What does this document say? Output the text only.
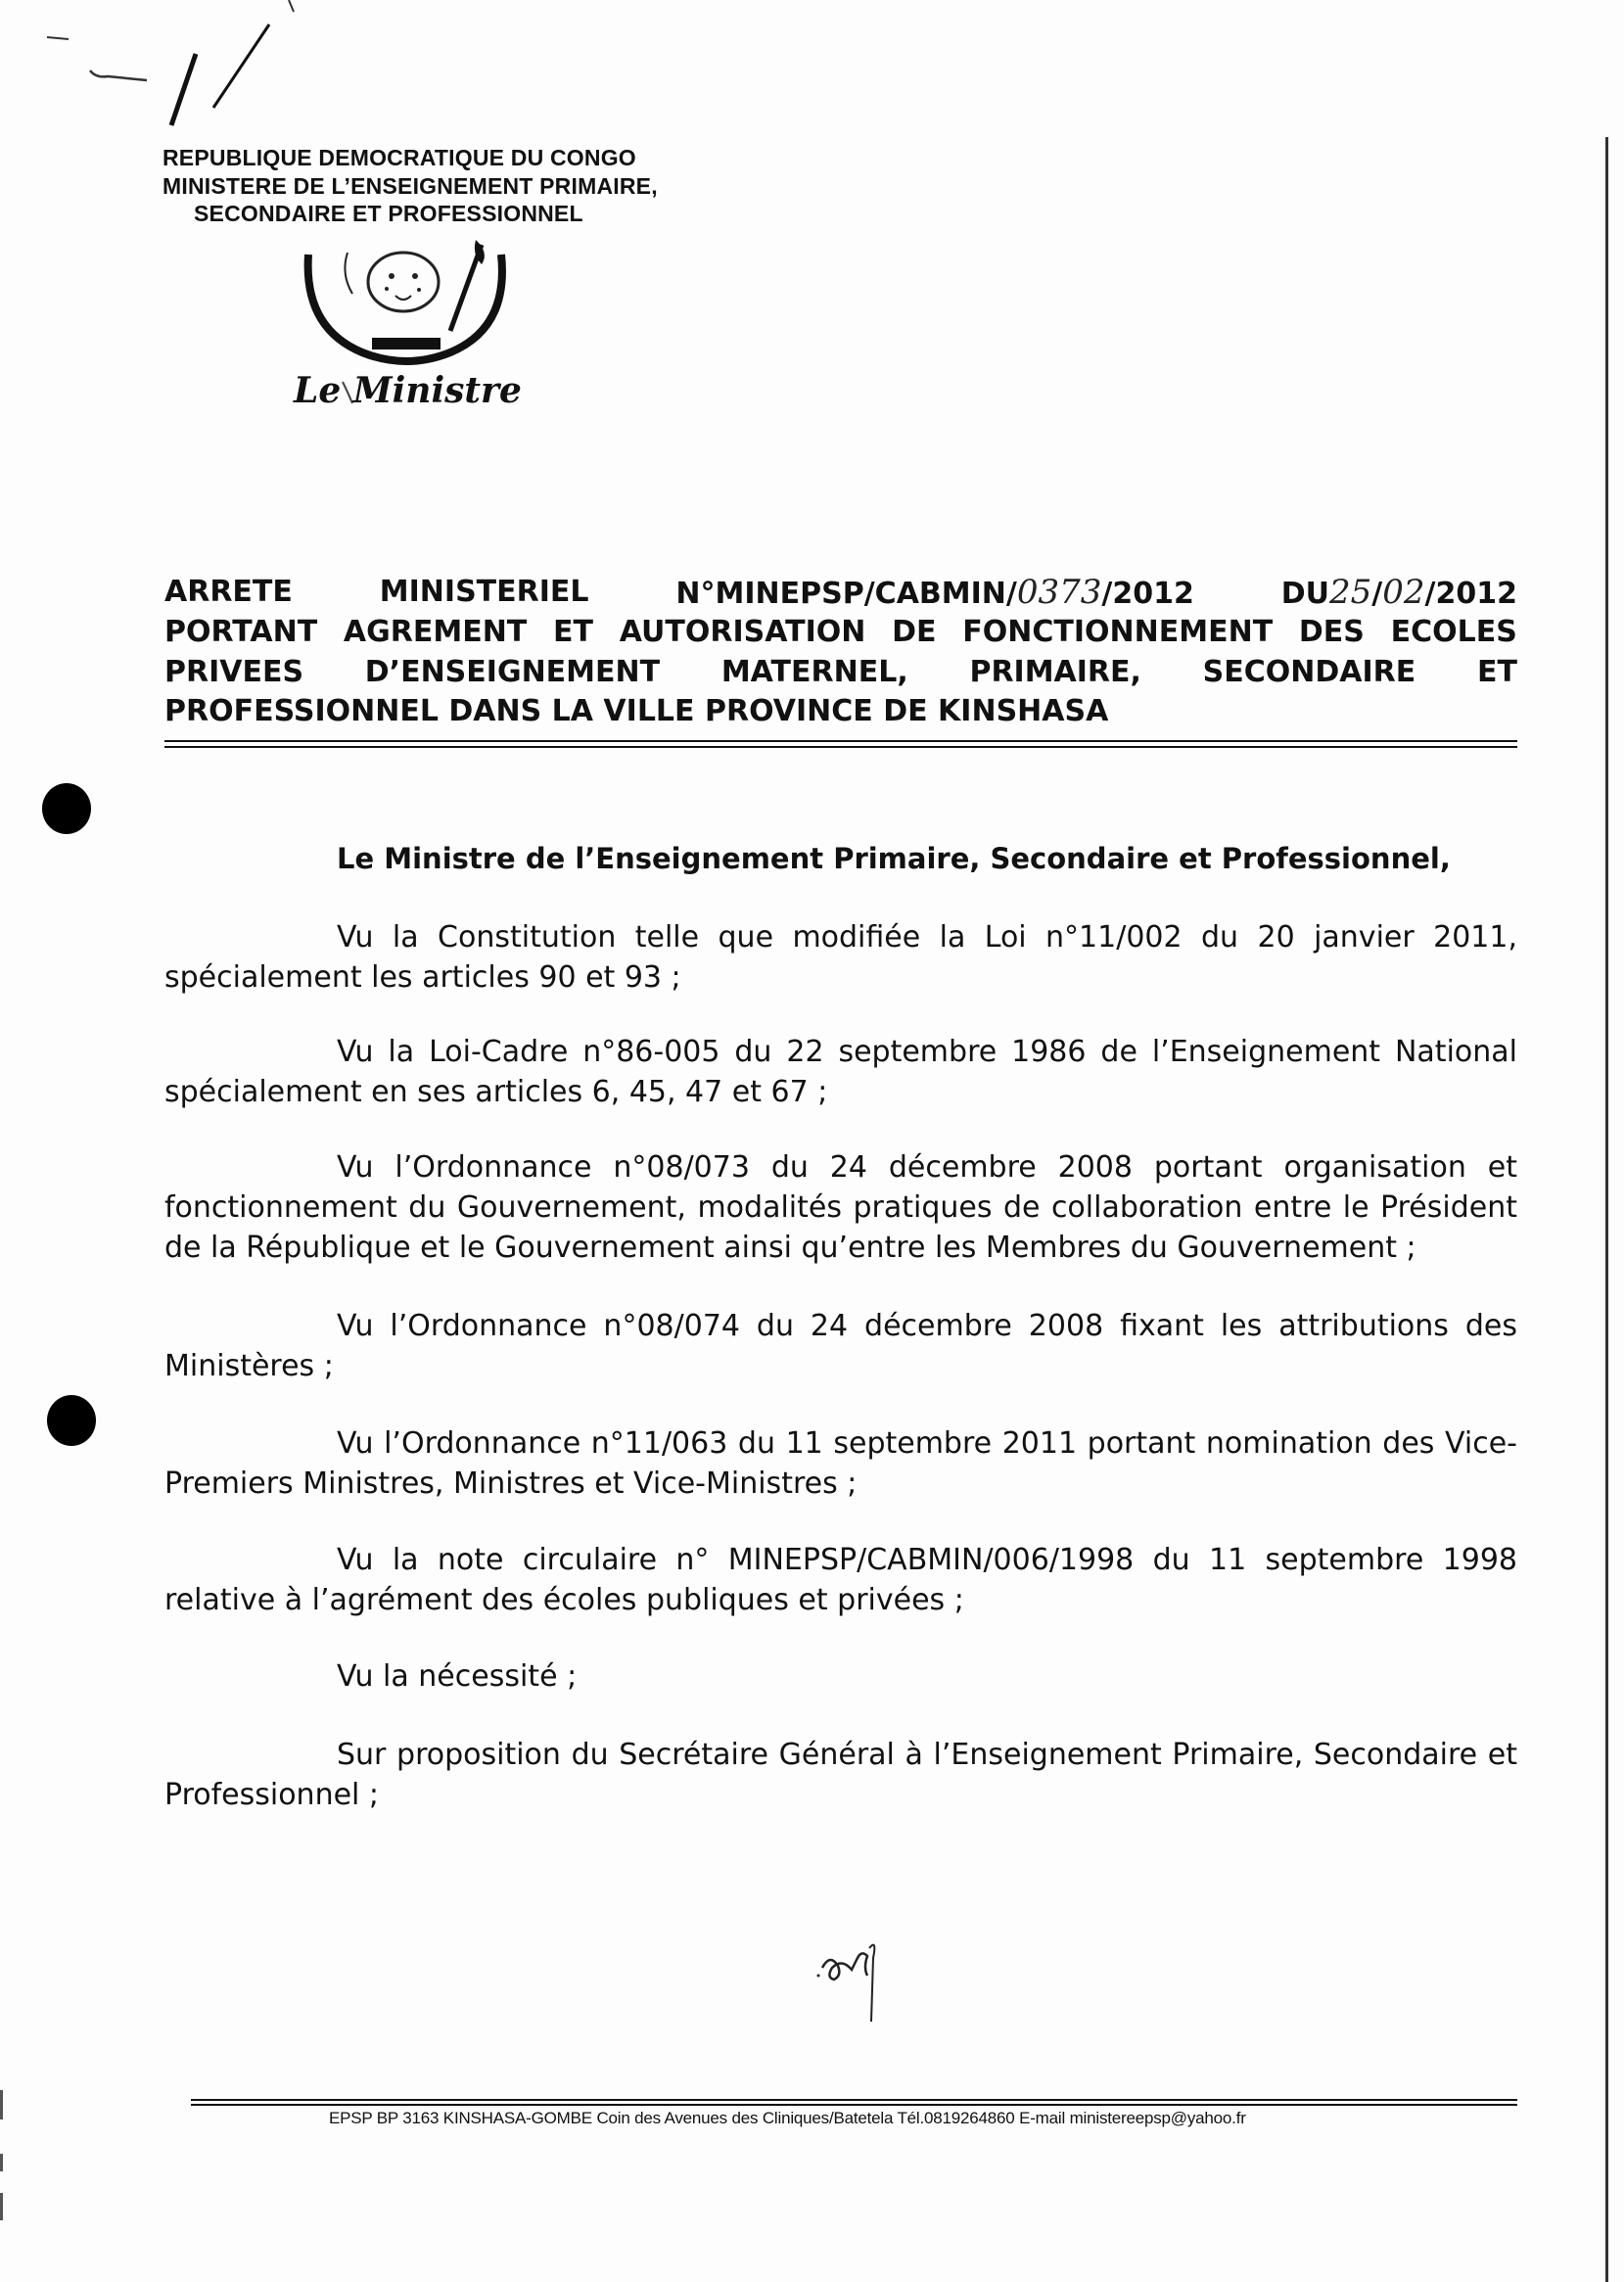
REPUBLIQUE DEMOCRATIQUE DU CONGO
MINISTERE DE L’ENSEIGNEMENT PRIMAIRE,
SECONDAIRE ET PROFESSIONNEL
Le Ministre
ARRETE	MINISTERIEL	N°MINEPSP/CABMIN/0373/2012	DU25/02/2012
PORTANT AGREMENT ET AUTORISATION DE FONCTIONNEMENT DES ECOLES
PRIVEES D’ENSEIGNEMENT MATERNEL, PRIMAIRE, SECONDAIRE ET
PROFESSIONNEL DANS LA VILLE PROVINCE DE KINSHASA
Le Ministre de l’Enseignement Primaire, Secondaire et Professionnel,

Vu la Constitution telle que modifiée la Loi n°11/002 du 20 janvier 2011, spécialement les articles 90 et 93 ;

Vu la Loi-Cadre n°86-005 du 22 septembre 1986 de l’Enseignement National spécialement en ses articles 6, 45, 47 et 67 ;

Vu l’Ordonnance n°08/073 du 24 décembre 2008 portant organisation et fonctionnement du Gouvernement, modalités pratiques de collaboration entre le Président de la République et le Gouvernement ainsi qu’entre les Membres du Gouvernement ;

Vu l’Ordonnance n°08/074 du 24 décembre 2008 fixant les attributions des Ministères ;

Vu l’Ordonnance n°11/063 du 11 septembre 2011 portant nomination des Vice-Premiers Ministres, Ministres et Vice-Ministres ;

Vu la note circulaire n° MINEPSP/CABMIN/006/1998 du 11 septembre 1998 relative à l’agrément des écoles publiques et privées ;

Vu la nécessité ;

Sur proposition du Secrétaire Général à l’Enseignement Primaire, Secondaire et Professionnel ;

EPSP BP 3163 KINSHASA-GOMBE Coin des Avenues des Cliniques/Batetela Tél.0819264860 E-mail ministereepsp@yahoo.fr
